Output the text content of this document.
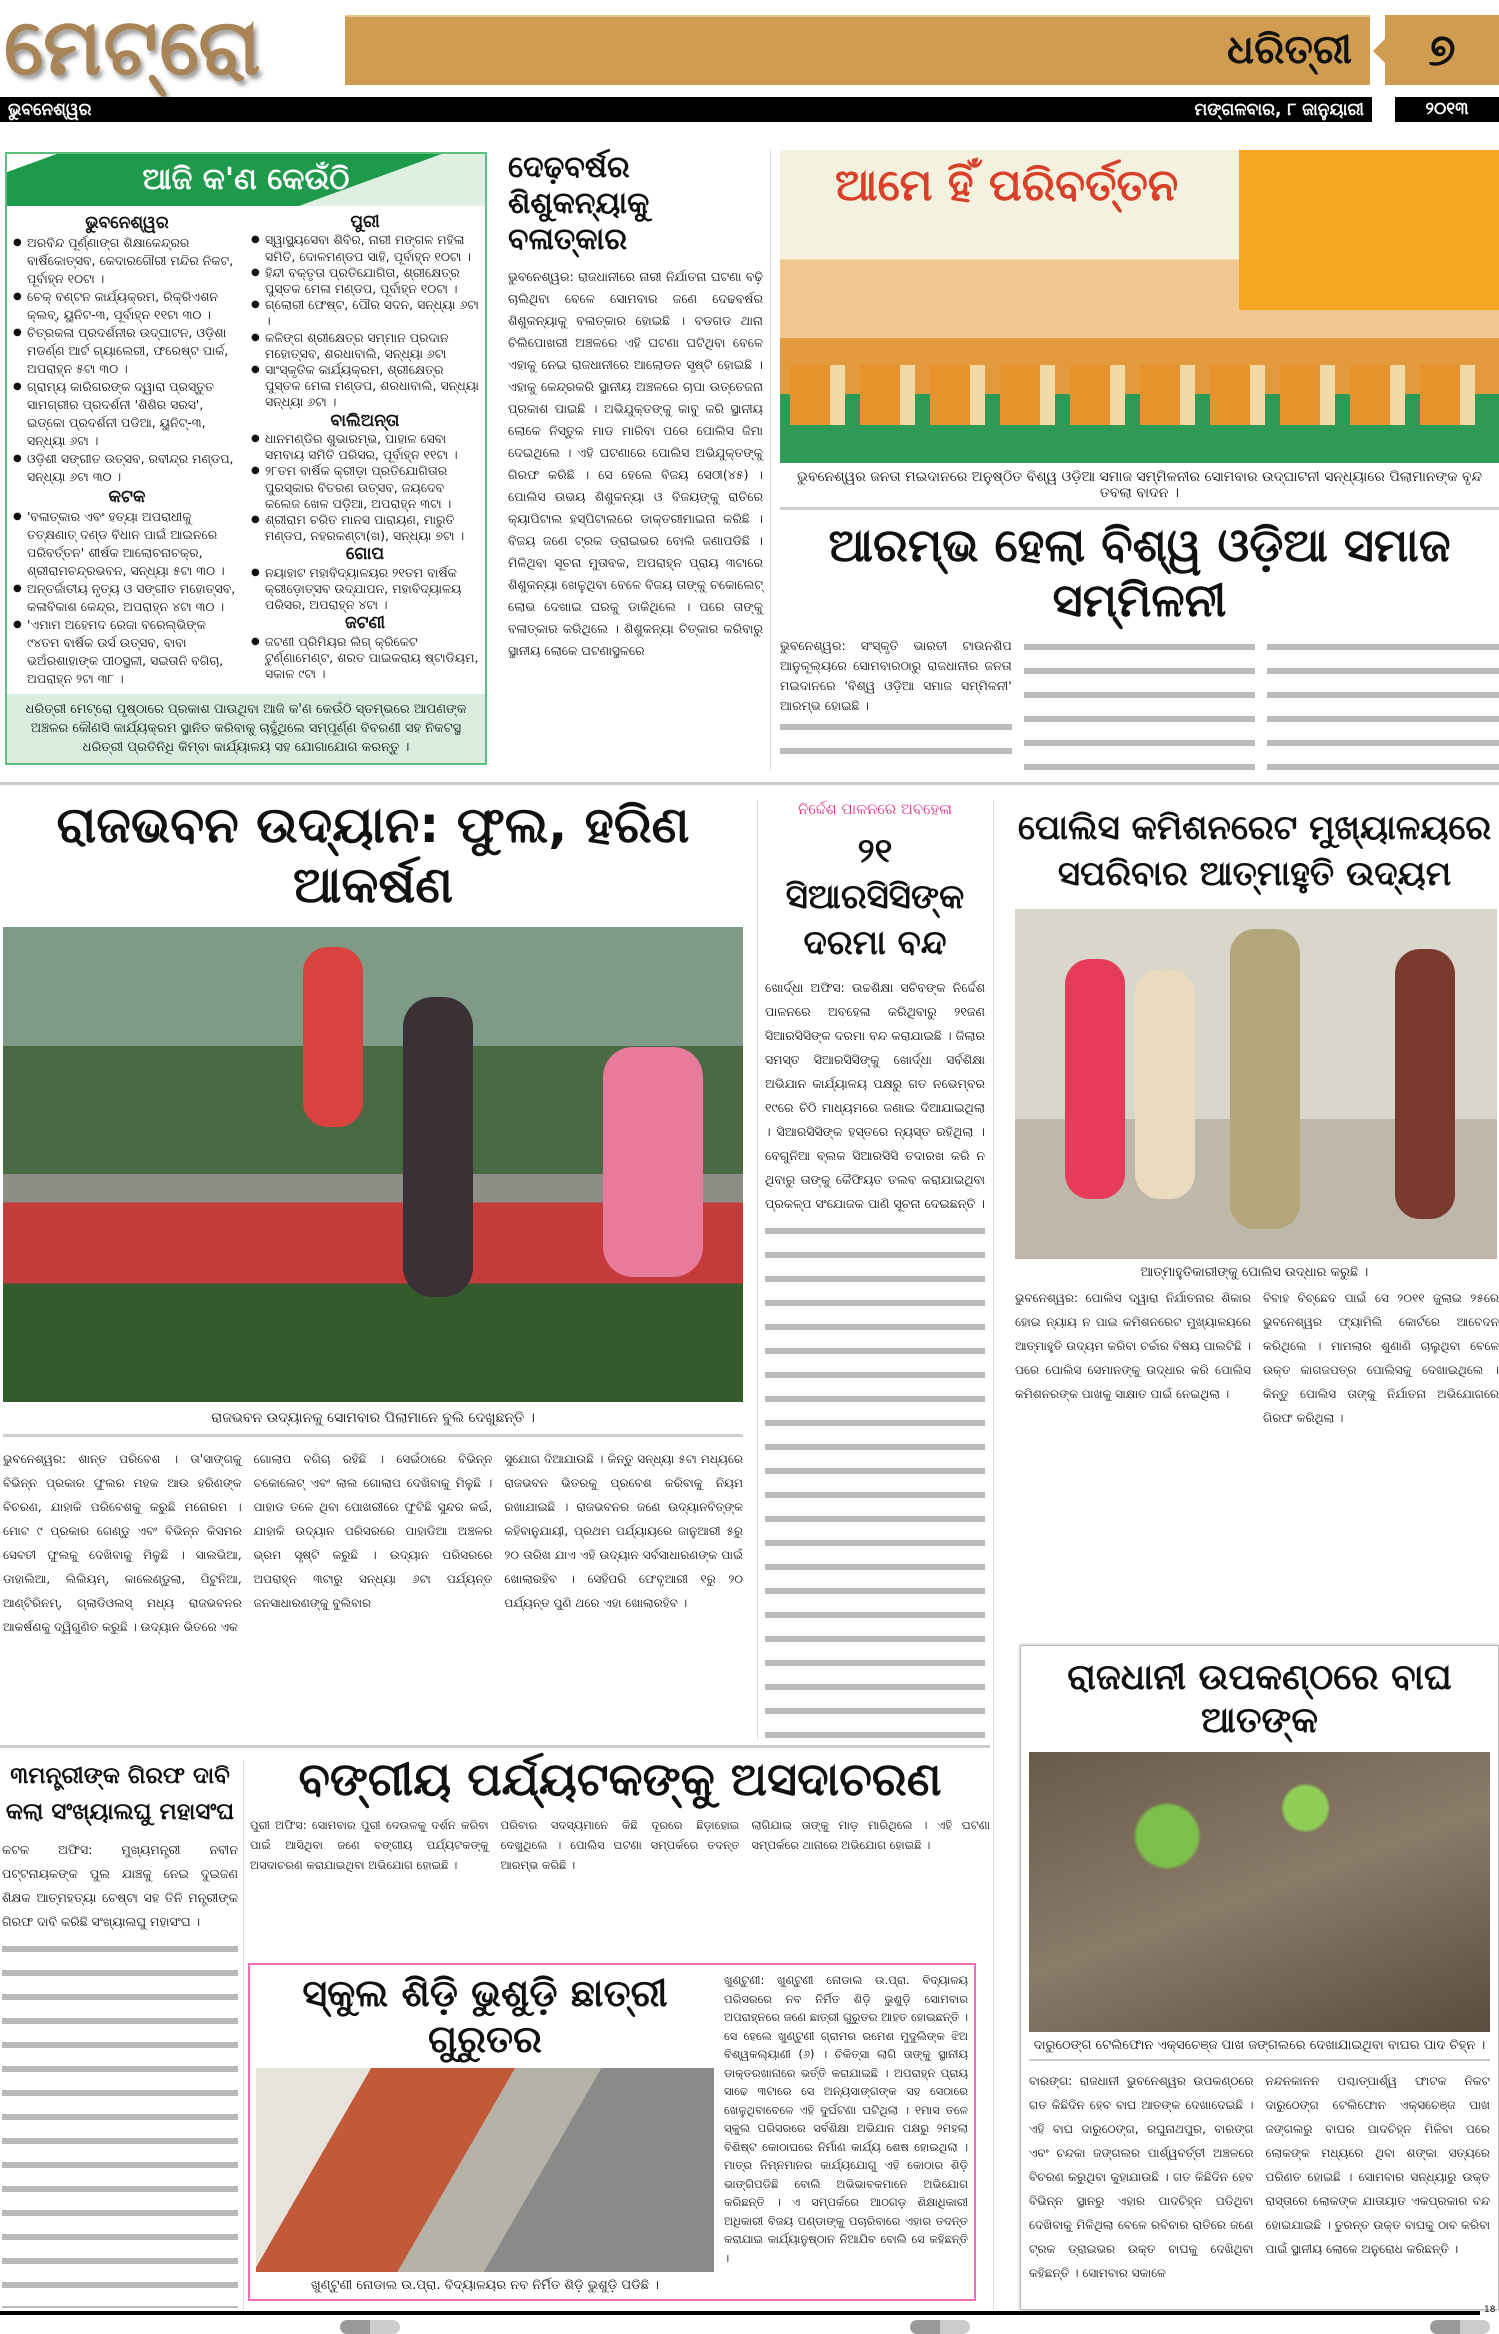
ମେଟ୍ରୋ	ଧରିତ୍ରୀ	୭
ଭୁବନେଶ୍ୱର	ମଙ୍ଗଳବାର, ୮ ଜାନୁୟାରୀ	୨୦୧୩
ଆଜି କ'ଣ କେଉଁଠି
ଭୁବନେଶ୍ୱର
● ଅରବିନ୍ଦ ପୂର୍ଣ୍ଣାଙ୍ଗ ଶିକ୍ଷାକେନ୍ଦ୍ରର ବାର୍ଷିକୋତ୍ସବ, କେଦାରଗୌରୀ ମନ୍ଦିର ନିକଟ, ପୂର୍ବାହ୍ନ ୧୦ଟା ।
● ଚେକ୍ ବଣ୍ଟନ କାର୍ଯ୍ୟକ୍ରମ, ରିକ୍ରିଏଶନ କ୍ଲବ୍, ୟୁନିଟ-୩, ପୂର୍ବାହ୍ନ ୧୧ଟା ୩୦ ।
● ଚିତ୍ରକଳା ପ୍ରଦର୍ଶନୀର ଉଦ୍‌ଘାଟନ, ଓଡ଼ିଶା ମଡର୍ଣ୍ଣ ଆର୍ଟ ଗ୍ୟାଲେରୀ, ଫରେଷ୍ଟ ପାର୍କ, ଅପରାହ୍ନ ୫ଟା ୩୦ ।
● ଗ୍ରାମ୍ୟ କାରିଗରଙ୍କ ଦ୍ୱାରା ପ୍ରସ୍ତୁତ ସାମଗ୍ରୀର ପ୍ରଦର୍ଶନୀ 'ଶିଶିର ସରସ', ଇଡ୍‌କୋ ପ୍ରଦର୍ଶନୀ ପଡିଆ, ୟୁନିଟ୍-୩, ସନ୍ଧ୍ୟା ୬ଟା ।
● ଓଡ଼ିଶୀ ସଙ୍ଗୀତ ଉତ୍ସବ, ରବୀନ୍ଦ୍ର ମଣ୍ଡପ, ସନ୍ଧ୍ୟା ୬ଟା ୩୦ ।
କଟକ
● 'ବଳାତ୍କାର ଏବଂ ହତ୍ୟା ଅପରାଧୀକୁ ତତ୍‌କ୍ଷଣାତ୍ ଦଣ୍ଡ ବିଧାନ ପାଇଁ ଆଇନରେ ପରିବର୍ତ୍ତନ' ଶୀର୍ଷକ ଆଲୋଚନାଚକ୍ର, ଶ୍ରୀରାମଚନ୍ଦ୍ରଭବନ, ସନ୍ଧ୍ୟା ୫ଟା ୩୦ ।
● ଅନ୍ତର୍ଜାତୀୟ ନୃତ୍ୟ ଓ ସଙ୍ଗୀତ ମହୋତ୍ସବ, କଳାବିକାଶ କେନ୍ଦ୍ର, ଅପରାହ୍ନ ୪ଟା ୩୦ ।
● 'ଏମାମ ଅହେମଦ ରେଜା ବରେଲ୍‌ଭିଙ୍କ ୯୪ତମ ବାର୍ଷିକ ଉର୍ସ ଉତ୍ସବ, ବାବା ଭଅଁରଶାହାଙ୍କ ପୀଠସ୍ଥଳୀ, ସଇତାନି ବଗିଚା, ଅପରାହ୍ନ ୨ଟା ୩୮ ।
ପୁରୀ
● ସ୍ୱାସ୍ଥ୍ୟସେବା ଶିବିର, ନାରୀ ମଙ୍ଗଳ ମହିଳା ସମିତି, ଦୋଳମଣ୍ଡପ ସାହି, ପୂର୍ବାହ୍ନ ୧୦ଟା ।
● ହିନ୍ଦୀ ବକ୍ତୃତା ପ୍ରତିଯୋଗିତା, ଶ୍ରୀକ୍ଷେତ୍ର ପୁସ୍ତକ ମେଳା ମଣ୍ଡପ, ପୂର୍ବାହ୍ନ ୧୦ଟା ।
● ଗ୍ଲୋରୀ ଫେଷ୍ଟ, ପୌର ସଦନ, ସନ୍ଧ୍ୟା ୬ଟା ।
● କଳିଙ୍ଗ ଶ୍ରୀକ୍ଷେତ୍ର ସମ୍ମାନ ପ୍ରଦାନ ମହୋତ୍ସବ, ଶରଧାବାଲି, ସନ୍ଧ୍ୟା ୬ଟା
● ସାଂସ୍କୃତିକ କାର୍ଯ୍ୟକ୍ରମ, ଶ୍ରୀକ୍ଷେତ୍ର ପୁସ୍ତକ ମେଳା ମଣ୍ଡପ, ଶରଧାବାଲି, ସନ୍ଧ୍ୟା ସନ୍ଧ୍ୟା ୬ଟା ।
ବାଲିଅନ୍ତା
● ଧାନମଣ୍ଡିର ଶୁଭାରମ୍ଭ, ପାହାଳ ସେବା ସମବାୟ ସମିତି ପରିସର, ପୂର୍ବାହ୍ନ ୧୧ଟା ।
● ୨୮ତମ ବାର୍ଷିକ କ୍ରୀଡ଼ା ପ୍ରତିଯୋଗିତାର ପୁରସ୍କାର ବିତରଣ ଉତ୍ସବ, ଜୟଦେବ କଲେଜ ଖେଳ ପଡ଼ିଆ, ଅପରାହ୍ନ ୩ଟା ।
● ଶ୍ରୀରାମ ଚରିତ ମାନସ ପାରାୟଣ, ମାରୁତି ମଣ୍ଡପ, ନହରକଣ୍ଟା(ଖ), ସନ୍ଧ୍ୟା ୭ଟା ।
ଗୋପ
● ନୟାହାଟ ମହାବିଦ୍ୟାଳୟର ୨୧ତମ ବାର୍ଷିକ କ୍ରୀଡ଼ୋତ୍ସବ ଉଦ୍‌ଯାପନ, ମହାବିଦ୍ୟାଳୟ ପରିସର, ଅପରାହ୍ନ ୪ଟା ।
ଜଟଣୀ
● ଜଟଣୀ ପ୍ରିମିୟର ଲିଗ୍ କ୍ରିକେଟ ଟୁର୍ଣ୍ଣାମେଣ୍ଟ, ଶରତ ପାଇକରାୟ ଷ୍ଟାଡିୟମ, ସକାଳ ୯ଟା ।
ଧରିତ୍ରୀ ମେଟ୍ରୋ ପୃଷ୍ଠାରେ ପ୍ରକାଶ ପାଉଥିବା ଆଜି କ'ଣ କେଉଁଠି ସ୍ତମ୍ଭରେ ଆପଣଙ୍କ ଅଞ୍ଚଳର କୌଣସି କାର୍ଯ୍ୟକ୍ରମ ସ୍ଥାନିତ କରିବାକୁ ଚାହୁଁଥିଲେ ସମ୍ପୂର୍ଣ୍ଣ ବିବରଣୀ ସହ ନିକଟସ୍ଥ ଧରିତ୍ରୀ ପ୍ରତିନିଧି କିମ୍ବା କାର୍ଯ୍ୟାଳୟ ସହ ଯୋଗାଯୋଗ କରନ୍ତୁ ।
ଦେଢ଼ବର୍ଷର ଶିଶୁକନ୍ୟାକୁ ବଳାତ୍କାର
ଭୁବନେଶ୍ୱର: ରାଜଧାନୀରେ ନାରୀ ନିର୍ଯାତନା ଘଟଣା ବଢ଼ି ଚାଲିଥିବା ବେଳେ ସୋମବାର ଜଣେ ଦେଢବର୍ଷର ଶିଶୁକନ୍ୟାକୁ ବଳାତ୍କାର ହୋଇଛି । ବଡଗଡ ଥାନା ଚିଲିପୋଖରୀ ଅଞ୍ଚଳରେ ଏହି ଘଟଣା ଘଟିଥିବା ବେଳେ ଏହାକୁ ନେଇ ରାଜଧାନୀରେ ଆଲୋଡନ ସୃଷ୍ଟି ହୋଇଛି । ଏହାକୁ କେନ୍ଦ୍ରକରି ସ୍ଥାନୀୟ ଅଞ୍ଚଳରେ ଚାପା ଉତ୍ତେଜନା ପ୍ରକାଶ ପାଇଛି । ଅଭିଯୁକ୍ତଙ୍କୁ କାବୁ କରି ସ୍ଥାନୀୟ ଲୋକେ ନିସ୍ତୁକ ମାଡ ମାରିବା ପରେ ପୋଲିସ ଜିମା ଦେଇଥିଲେ । ଏହି ଘଟଣାରେ ପୋଲିସ ଅଭିଯୁକ୍ତଙ୍କୁ ଗିରଫ କରିଛି । ସେ ହେଲେ ବିଜୟ ସେଠୀ(୪୫) । ପୋଲିସ ଉଭୟ ଶିଶୁକନ୍ୟା ଓ ବିଜୟଙ୍କୁ ରାତିରେ କ୍ୟାପିଟାଲ ହସ୍ପିଟାଲରେ ଡାକ୍ତରୀମାଇନା କରିଛି । ବିଜୟ ଜଣେ ଟ୍ରକ ଡ୍ରାଇଭର ବୋଲି ଜଣାପଡିଛି । ମିଳିଥିବା ସୂଚନା ମୁତାବକ, ଅପରାହ୍ନ ପ୍ରାୟ ୩ଟାରେ ଶିଶୁକନ୍ୟା ଖେଳୁଥିବା ବେଳେ ବିଜୟ ତାଙ୍କୁ ଚକୋଲେଟ୍ ଲୋଭ ଦେଖାଇ ଘରକୁ ଡାକିଥିଲେ । ପରେ ତାଙ୍କୁ ବଳାତ୍କାର କରିଥିଲେ । ଶିଶୁକନ୍ୟା ଚିତ୍କାର କରିବାରୁ ସ୍ଥାନୀୟ ଲୋକେ ଘଟଣାସ୍ଥଳରେ
ଆମେ ହିଁ ପରିବର୍ତ୍ତନ
ଭୁବନେଶ୍ୱର ଜନତା ମଇଦାନରେ ଅନୁଷ୍ଠିତ ବିଶ୍ୱ ଓଡ଼ିଆ ସମାଜ ସମ୍ମିଳନୀର ସୋମବାର ଉଦ୍‌ଘାଟନୀ ସନ୍ଧ୍ୟାରେ ପିଲାମାନଙ୍କ ବୃନ୍ଦ ତବଲା ବାଦନ ।
ଆରମ୍ଭ ହେଲା ବିଶ୍ୱ ଓଡ଼ିଆ ସମାଜ ସମ୍ମିଳନୀ
ଭୁବନେଶ୍ୱର: ସଂସ୍କୃତି ଭାରତୀ ଟାଉନଶିପ ଆନୁକୂଲ୍ୟରେ ସୋମବାରଠାରୁ ରାଜଧାନୀର ଜନତା ମଇଦାନରେ 'ବିଶ୍ୱ ଓଡ଼ିଆ ସମାଜ ସମ୍ମିଳନୀ' ଆରମ୍ଭ ହୋଇଛି ।
ରାଜଭବନ ଉଦ୍ୟାନ: ଫୁଲ, ହରିଣ ଆକର୍ଷଣ
ରାଜଭବନ ଉଦ୍ୟାନକୁ ସୋମବାର ପିଲାମାନେ ବୁଲି ଦେଖୁଛନ୍ତି ।
ଭୁବନେଶ୍ୱର: ଶାନ୍ତ ପରିବେଶ । ତା'ସାଙ୍ଗକୁ ବିଭିନ୍ନ ପ୍ରକାର ଫୁଲର ମହକ ଆଉ ହରିଣଙ୍କ ବିଚରଣ, ଯାହାକି ପରିବେଶକୁ କରୁଛି ମନୋରମ । ମୋଟ ୯ ପ୍ରକାର ଗେଣ୍ଡୁ ଏବଂ ବିଭିନ୍ନ କିସମର ସେବତୀ ଫୁଲକୁ ଦେଖିବାକୁ ମିଳୁଛି । ସାଲଭିଆ, ଡାହାଲିଆ, ଲିଲିୟମ୍, କାଲେଣ୍ଡୁଲା, ପିଟୁନିଆ, ଆଣ୍ଟିରିନମ୍, ଗ୍ଲାଡିଓଲସ୍ ମଧ୍ୟ ରାଜଭବନର ଆକର୍ଷଣକୁ ଦ୍ୱିଗୁଣିତ କରୁଛି । ଉଦ୍ୟାନ ଭିତରେ ଏକ
ଗୋଲାପ ବଗିଚା ରହିଛି । ସେଇଁଠାରେ ବିଭିନ୍ନ ଚକୋଲେଟ୍ ଏବଂ ଲାଲ ଗୋଲାପ ଦେଖିବାକୁ ମିଳୁଛି । ପାହାଡ ତଳେ ଥିବା ପୋଖରୀରେ ଫୁଟିଛି ସୁନ୍ଦର କଇଁ, ଯାହାକି ଉଦ୍ୟାନ ପରିସରରେ ପାହାଡିଆ ଅଞ୍ଚଳର ଭ୍ରମ ସୃଷ୍ଟି କରୁଛି । ଉଦ୍ୟାନ ପରିସରରେ ଅପରାହ୍ନ ୩ଟାରୁ ସନ୍ଧ୍ୟା ୬ଟା ପର୍ଯ୍ୟନ୍ତ ଜନସାଧାରଣଙ୍କୁ ବୁଲିବାର
ସୁଯୋଗ ଦିଆଯାଉଛି । କିନ୍ତୁ ସନ୍ଧ୍ୟା ୫ଟା ମଧ୍ୟରେ ରାଜଭବନ ଭିତରକୁ ପ୍ରବେଶ କରିବାକୁ ନିୟମ ରଖାଯାଇଛି । ରାଜଭବନର ଜଣେ ଉଦ୍ୟାନବିତ୍‌ଙ୍କ କହିବାନୁଯାୟୀ, ପ୍ରଥମ ପର୍ଯ୍ୟାୟରେ ଜାନୁଆରୀ ୫ରୁ ୨୦ ତାରିଖ ଯାଏ ଏହି ଉଦ୍ୟାନ ସର୍ବସାଧାରଣଙ୍କ ପାଇଁ ଖୋଲାରହିବ । ସେହିପରି ଫେବୃଆରୀ ୧ରୁ ୨୦ ପର୍ଯ୍ୟନ୍ତ ପୁଣି ଥରେ ଏହା ଖୋଲାରହିବ ।
ନିର୍ଦ୍ଦେଶ ପାଳନରେ ଅବହେଳା
୨୧ ସିଆରସିସିଙ୍କ ଦରମା ବନ୍ଦ
ଖୋର୍ଦ୍ଧା ଅଫିସ: ଉଚ୍ଚଶିକ୍ଷା ସଚିବଙ୍କ ନିର୍ଦ୍ଦେଶ ପାଳନରେ ଅବହେଳା କରିଥିବାରୁ ୨୧ଜଣ ସିଆରସିସିଙ୍କ ଦରମା ବନ୍ଦ କରାଯାଇଛି । ଜିଲାର ସମସ୍ତ ସିଆରସିସିଙ୍କୁ ଖୋର୍ଦ୍ଧା ସର୍ବଶିକ୍ଷା ଅଭିଯାନ କାର୍ଯ୍ୟାଳୟ ପକ୍ଷରୁ ଗତ ନଭେମ୍ବର ୧୯ରେ ଚିଠି ମାଧ୍ୟମରେ ଜଣାଇ ଦିଆଯାଇଥିଲା । ସିଆରସିସିଙ୍କ ହସ୍ତରେ ନ୍ୟସ୍ତ ରହିଥିଲା । ବେଗୁନିଆ ବ୍ଲକ ସିଆରସିସି ତଦାରଖ କରି ନ ଥିବାରୁ ତାଙ୍କୁ କୈଫିୟତ ତଲବ କରାଯାଇଥିବା ପ୍ରକଳ୍ପ ସଂଯୋଜକ ପାଣି ସୂଚନା ଦେଇଛନ୍ତି ।
ପୋଲିସ କମିଶନରେଟ ମୁଖ୍ୟାଳୟରେ ସପରିବାର ଆତ୍ମାହୁତି ଉଦ୍ୟମ
ଆତ୍ମାହୁତିକାରୀଙ୍କୁ ପୋଲିସ ଉଦ୍ଧାର କରୁଛି ।
ଭୁବନେଶ୍ୱର: ପୋଲିସ ଦ୍ୱାରା ନିର୍ଯାତନାର ଶିକାର ହୋଇ ନ୍ୟାୟ ନ ପାଇ କମିଶନରେଟ ମୁଖ୍ୟାଳୟରେ ଆତ୍ମାହୁତି ଉଦ୍ୟମ କରିବା ଚର୍ଚ୍ଚାର ବିଷୟ ପାଲଟିଛି । ପରେ ପୋଲିସ ସେମାନଙ୍କୁ ଉଦ୍ଧାର କରି ପୋଲିସ କମିଶନରଙ୍କ ପାଖକୁ ସାକ୍ଷାତ ପାଇଁ ନେଇଥିଲା ।
ବିବାହ ବିଚ୍ଛେଦ ପାଇଁ ସେ ୨୦୧୧ ଜୁଲାଇ ୨୫ରେ ଭୁବନେଶ୍ୱର ଫ୍ୟାମିଲି କୋର୍ଟରେ ଆବେଦନ କରିଥିଲେ । ମାମଲାର ଶୁଣାଣି ଚାଲୁଥିବା ବେଳେ ଉକ୍ତ କାଗଜପତ୍ର ପୋଲିସକୁ ଦେଖାଇଥିଲେ । କିନ୍ତୁ ପୋଲିସ ତାଙ୍କୁ ନିର୍ଯାତନା ଅଭିଯୋଗରେ ଗିରଫ କରିଥିଲା ।
ରାଜଧାନୀ ଉପକଣ୍ଠରେ ବାଘ ଆତଙ୍କ
ଦାରୁଠେଙ୍ଗ ଟେଲିଫୋନ ଏକ୍ସଚେଞ୍ଜ ପାଖ ଜଙ୍ଗଲରେ ଦେଖାଯାଇଥିବା ବାଘର ପାଦ ଚିହ୍ନ ।
ବାରଙ୍ଗ: ରାଜଧାନୀ ଭୁବନେଶ୍ୱର ଉପକଣ୍ଠରେ ଗତ କିଛିଦିନ ହେବ ବାଘ ଆତଙ୍କ ଦେଖାଦେଇଛି । ଏହି ବାଘ ଦାରୁଠେଙ୍ଗ, ରଘୁନାଥପୁର, ବାରଙ୍ଗ ଏବଂ ଚନ୍ଦକା ଜଙ୍ଗଲର ପାର୍ଶ୍ୱବର୍ତ୍ତୀ ଅଞ୍ଚଳରେ ବିଚରଣ କରୁଥିବା କୁହାଯାଉଛି । ଗତ କିଛିଦିନ ହେବ ବିଭିନ୍ନ ସ୍ଥାନରୁ ଏହାର ପାଦଚିହ୍ନ ପଡିଥିବା ଦେଖିବାକୁ ମିଳିଥିଲା ବେଳେ ରବିବାର ରାତିରେ ଜଣେ ଟ୍ରକ ଡ୍ରାଇଭର ଉକ୍ତ ବାଘକୁ ଦେଖିଥିବା କହିଛନ୍ତି । ସୋମବାର ସକାଳେ
ନନ୍ଦନକାନନ ପଶ୍ଚାତ୍ପାର୍ଶ୍ୱ ଫାଟକ ନିକଟ ଦାରୁଠେଙ୍ଗ ଟେଲିଫୋନ ଏକ୍ସଚେଞ୍ଜ ପାଖ ଜଙ୍ଗଲରୁ ବାଘର ପାଦଚିହ୍ନ ମିଳିବା ପରେ ଲୋକଙ୍କ ମଧ୍ୟରେ ଥିବା ଶଙ୍କା ସତ୍ୟରେ ପରିଣତ ହୋଇଛି । ସୋମବାର ସନ୍ଧ୍ୟାରୁ ଉକ୍ତ ରାସ୍ତାରେ ଲୋକଙ୍କ ଯାତାୟାତ ଏକପ୍ରକାର ବନ୍ଦ ହୋଇଯାଇଛି । ତୁରନ୍ତ ଉକ୍ତ ବାଘକୁ ଠାବ କରିବା ପାଇଁ ସ୍ଥାନୀୟ ଲୋକେ ଅନୁରୋଧ କରିଛନ୍ତି ।
୩ମନ୍ତ୍ରୀଙ୍କ ଗିରଫ ଦାବି କଲା ସଂଖ୍ୟାଲଘୁ ମହାସଂଘ
କଟକ ଅଫିସ: ମୁଖ୍ୟମନ୍ତ୍ରୀ ନବୀନ ପଟ୍ଟନାୟକଙ୍କ ପୁଲ ଯାଞ୍ଚକୁ ନେଇ ଦୁଇଜଣ ଶିକ୍ଷକ ଆତ୍ମହତ୍ୟା ଚେଷ୍ଟା ସହ ତିନି ମନ୍ତ୍ରୀଙ୍କ ଗିରଫ ଦାବି କରିଛି ସଂଖ୍ୟାଲଘୁ ମହାସଂଘ ।
ବଙ୍ଗୀୟ ପର୍ଯ୍ୟଟକଙ୍କୁ ଅସଦାଚରଣ
ପୁରୀ ଅଫିସ: ସୋମବାର ପୁରୀ ଦେଉଳକୁ ଦର୍ଶନ କରିବା ପାଇଁ ଆସିଥିବା ଜଣେ ବଙ୍ଗୀୟ ପର୍ଯ୍ୟଟକଙ୍କୁ ଅସଦାଚରଣ କରାଯାଇଥିବା ଅଭିଯୋଗ ହୋଇଛି ।
ପରିବାର ସଦସ୍ୟମାନେ କିଛି ଦୂରରେ ଛିଡ଼ାହୋଇ ଦେଖୁଥିଲେ । ପୋଲିସ ଘଟଣା ସମ୍ପର୍କରେ ତଦନ୍ତ ଆରମ୍ଭ କରିଛି ।
ଲାଗିଯାଇ ତାଙ୍କୁ ମାଡ଼ ମାରିଥିଲେ । ଏହି ଘଟଣା ସମ୍ପର୍କରେ ଥାନାରେ ଅଭିଯୋଗ ହୋଇଛି ।
ସ୍କୁଲ ଶିଡ଼ି ଭୁଶୁଡ଼ି ଛାତ୍ରୀ ଗୁରୁତର
ଖୁଣ୍ଟୁଣୀ ନୋଡାଲ ଉ.ପ୍ରା. ବିଦ୍ୟାଳୟର ନବ ନିର୍ମିତ ଶିଡ଼ି ଭୁଶୁଡ଼ି ପଡିଛି ।
ଖୁଣ୍ଟୁଣୀ: ଖୁଣ୍ଟୁଣୀ ନୋଡାଲ ଉ.ପ୍ରା. ବିଦ୍ୟାଳୟ ପରିସରରେ ନବ ନିର୍ମିତ ଶିଡ଼ି ଭୁଶୁଡ଼ି ସୋମବାର ଅପରାହ୍ନରେ ଜଣେ ଛାତ୍ରୀ ଗୁରୁତର ଆହତ ହୋଇଛନ୍ତି । ସେ ହେଲେ ଖୁଣ୍ଟୁଣୀ ଗ୍ରାମର ରମେଶ ମୁଦୁଲିଙ୍କ ଝିଅ ବିଶ୍ୱକଲ୍ୟାଣୀ (୬) । ଚିକିତ୍ସା ଲାଗି ତାଙ୍କୁ ସ୍ଥାନୀୟ ଡାକ୍ତରଖାନାରେ ଭର୍ତ୍ତି କରାଯାଇଛି । ଅପରାହ୍ନ ପ୍ରାୟ ସାଢେ ୩ଟାରେ ସେ ଅନ୍ୟସାଙ୍ଗଙ୍କ ସହ ସେଠାରେ ଖେଳୁଥିବାବେଳେ ଏହି ଦୁର୍ଘଟଣା ଘଟିଥିଲା । ୧ମାସ ତଳେ ସ୍କୁଲ ପରିସରରେ ସର୍ବଶିକ୍ଷା ଅଭିଯାନ ପକ୍ଷରୁ ୨ମହଲା ବିଶିଷ୍ଟ କୋଠାଘରେ ନିର୍ମାଣ କାର୍ଯ୍ୟ ଶେଷ ହୋଇଥିଲା । ମାତ୍ର ନିମ୍ନମାନର କାର୍ଯ୍ୟଯୋଗୁ ଏହି କୋଠାର ଶିଡ଼ି ଭାଙ୍ଗିପଡିଛି ବୋଲି ଅଭିଭାବକମାନେ ଅଭିଯୋଗ କରିଛନ୍ତି । ଏ ସମ୍ପର୍କରେ ଆଠଗଡ଼ ଶିକ୍ଷାଧିକାରୀ ଅଧିକାରୀ ବିଜୟ ପଣ୍ଡାଙ୍କୁ ପଚାରିବାରେ ଏହାର ତଦନ୍ତ କରାଯାଇ କାର୍ଯ୍ୟାନୁଷ୍ଠାନ ନିଆଯିବ ବୋଲି ସେ କହିଛନ୍ତି ।
18
